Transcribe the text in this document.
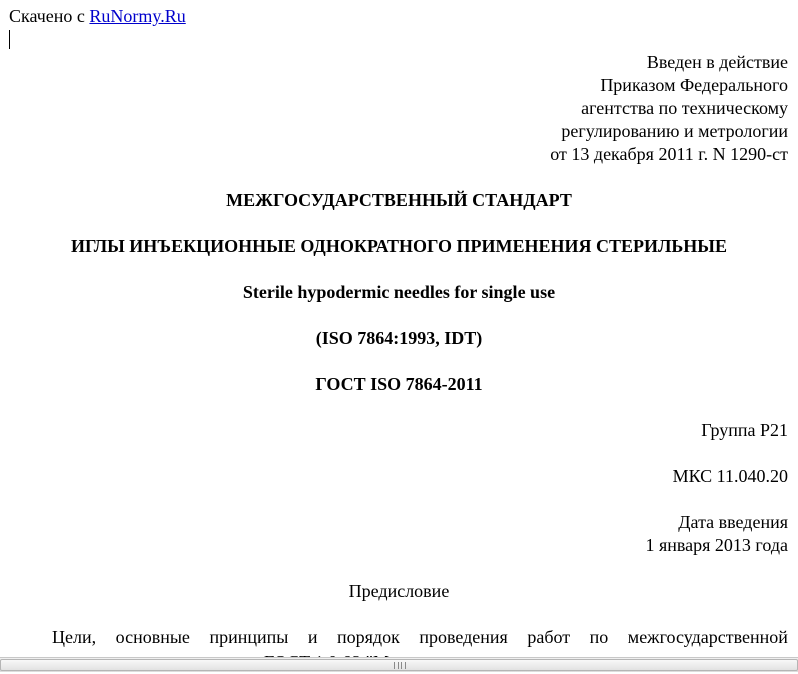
Скачено с RuNormy.Ru
Введен в действие
Приказом Федерального
агентства по техническому
регулированию и метрологии
от 13 декабря 2011 г. N 1290-ст
МЕЖГОСУДАРСТВЕННЫЙ СТАНДАРТ
ИГЛЫ ИНЪЕКЦИОННЫЕ ОДНОКРАТНОГО ПРИМЕНЕНИЯ СТЕРИЛЬНЫЕ
Sterile hypodermic needles for single use
(ISO 7864:1993, IDT)
ГОСТ ISO 7864-2011
Группа Р21
МКС 11.040.20
Дата введения
1 января 2013 года
Предисловие
Цели, основные принципы и порядок проведения работ по межгосударственной
